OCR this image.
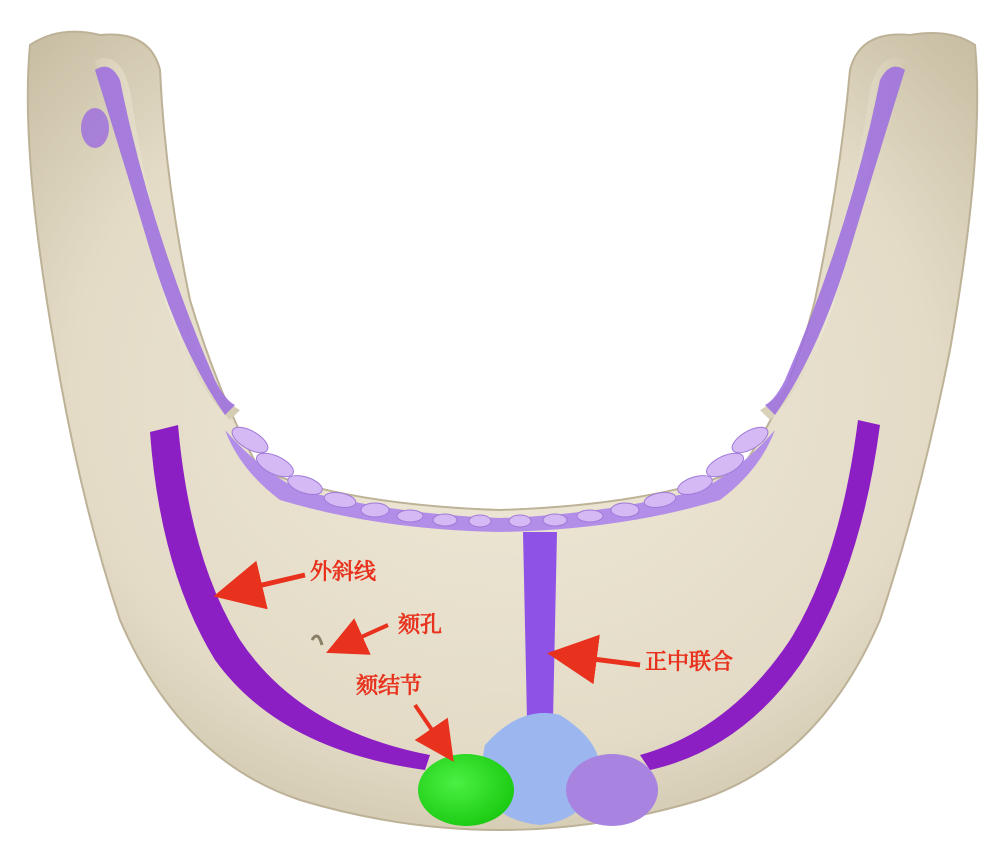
外斜线
颏孔
颏结节
正中联合
